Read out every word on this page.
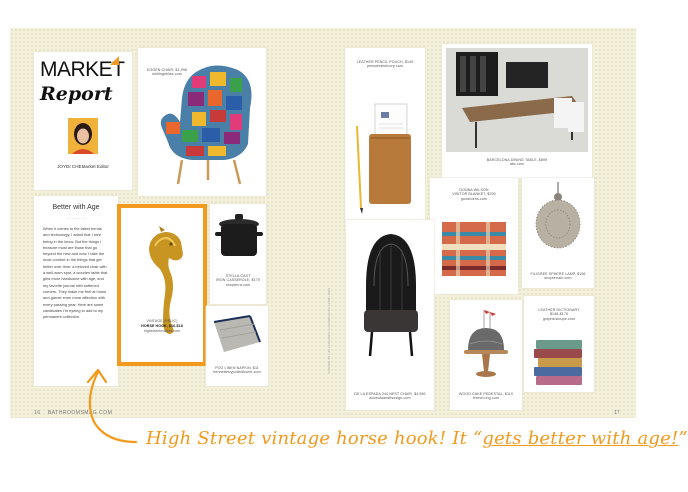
MARKET
Report
JOYDI CHEMarket Editor
Better with Age
- - - - - - - -
When it comes to the latest trends and technology, I admit that I love being in the know. But the things I treasure most are those that go beyond the new and now. I take the most comfort in the things that get better over time: a beloved chair with a well-worn spot, a wooden table that gets more handsome with age, and my favorite journal with softened corners. They make me feel at home and garner even more affection with every passing year. Here are some candidates I'm eyeing to add to my permanent collection.
EGGEN CHAIR, $1,998
whitingsbliss.com
VINTAGE (RELIC)
HORSE HOOK, $16-$18
highstreetmarket.com
STELLA CAST
IRON CASSEROLE, $175
shopterra.com
POG LINEN NAPKIN, $11
bennetterrypottedhome.com
16 BATHROOMSMAG.COM
HIMS UBEST PHOTOGRAPHY, COURTESY OF THE BRANDS
LEATHER PENCIL POUCH, $149
pensofesbelcorp.com
BARCELONA DINING TABLE, $899
abc.com
DONNA WILSON
VISITOR BLANKET, $290
goodnorns.com
FILIGREE SPHERE LAMP, $196
shopterrain.com
DE LA ESPADA 244 NEST CHAIR, $4,980
adoeutdandfisosign.com
WOOD CAKE PEDESTAL, $119
freecin.ing.com
LEATHER DICTIONARY
$148-$176
graphicstoupe.com
17
High Street vintage horse hook! It “gets better with age!”
